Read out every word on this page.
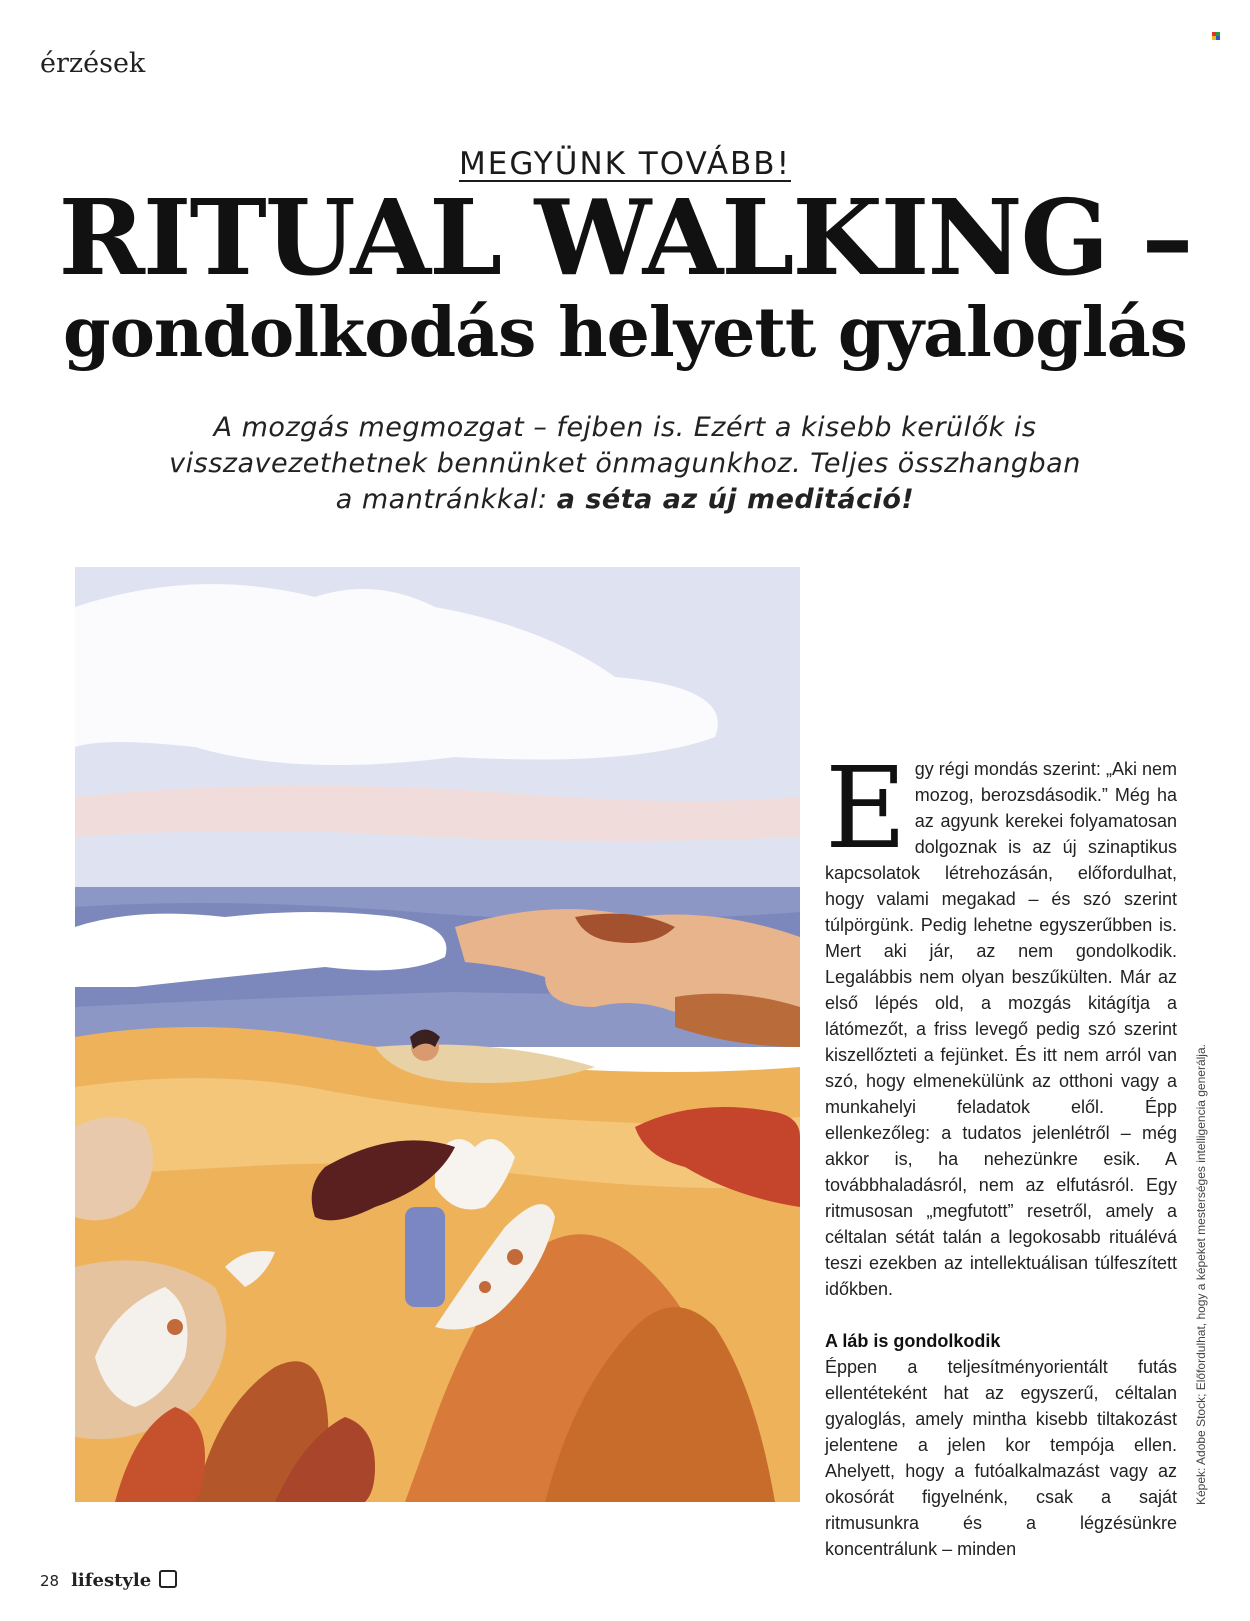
érzések
MEGYÜNK TOVÁBB!
RITUAL WALKING –
gondolkodás helyett gyaloglás
A mozgás megmozgat – fejben is. Ezért a kisebb kerülők is visszavezethetnek bennünket önmagunkhoz. Teljes összhangban a mantránkkal: a séta az új meditáció!
E gy régi mondás szerint: „Aki nem mozog, berozsdásodik.” Még ha az agyunk kerekei folyamatosan dolgoznak is az új szinaptikus kapcsolatok létrehozásán, előfordulhat, hogy valami megakad – és szó szerint túlpörgünk. Pedig lehetne egyszerűbben is. Mert aki jár, az nem gondolkodik. Legalábbis nem olyan beszűkülten. Már az első lépés old, a mozgás kitágítja a látómezőt, a friss levegő pedig szó szerint kiszellőzteti a fejünket. És itt nem arról van szó, hogy elmenekülünk az otthoni vagy a munkahelyi feladatok elől. Épp ellenkezőleg: a tudatos jelenlétről – még akkor is, ha nehezünkre esik. A továbbhaladásról, nem az elfutásról. Egy ritmusosan „megfutott” resetről, amely a céltalan sétát talán a legokosabb rituálévá teszi ezekben az intellektuálisan túlfeszített időkben.
A láb is gondolkodik
Éppen a teljesítményorientált futás ellentéteként hat az egyszerű, céltalan gyaloglás, amely mintha kisebb tiltakozást jelentene a jelen kor tempója ellen. Ahelyett, hogy a futóalkalmazást vagy az okosórát figyelnénk, csak a saját ritmusunkra és a légzésünkre koncentrálunk – minden
Képek: Adobe Stock; Előfordulhat, hogy a képeket mesterséges intelligencia generálja.
28 lifestyle
